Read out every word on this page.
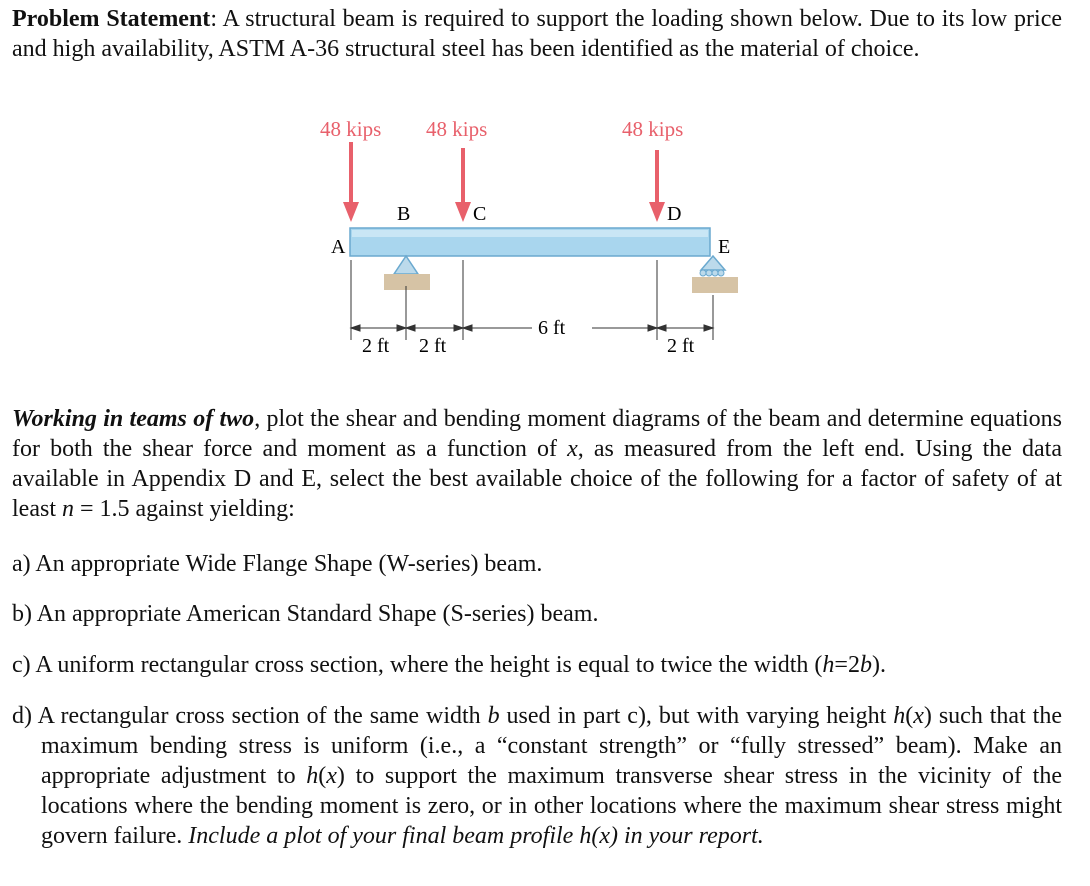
Problem Statement: A structural beam is required to support the loading shown below. Due to its low price and high availability, ASTM A-36 structural steel has been identified as the material of choice.

48 kips 48 kips	48 kips
A
B	C	D
E
2 ft 2 ft
6 ft
2 ft

Working in teams of two, plot the shear and bending moment diagrams of the beam and determine equations for both the shear force and moment as a function of x, as measured from the left end. Using the data available in Appendix D and E, select the best available choice of the following for a factor of safety of at least n = 1.5 against yielding:

a) An appropriate Wide Flange Shape (W-series) beam.

b) An appropriate American Standard Shape (S-series) beam.

c) A uniform rectangular cross section, where the height is equal to twice the width (h=2b).

d) A rectangular cross section of the same width b used in part c), but with varying height h(x) such that the maximum bending stress is uniform (i.e., a “constant strength” or “fully stressed” beam). Make an appropriate adjustment to h(x) to support the maximum transverse shear stress in the vicinity of the locations where the bending moment is zero, or in other locations where the maximum shear stress might govern failure. Include a plot of your final beam profile h(x) in your report.
